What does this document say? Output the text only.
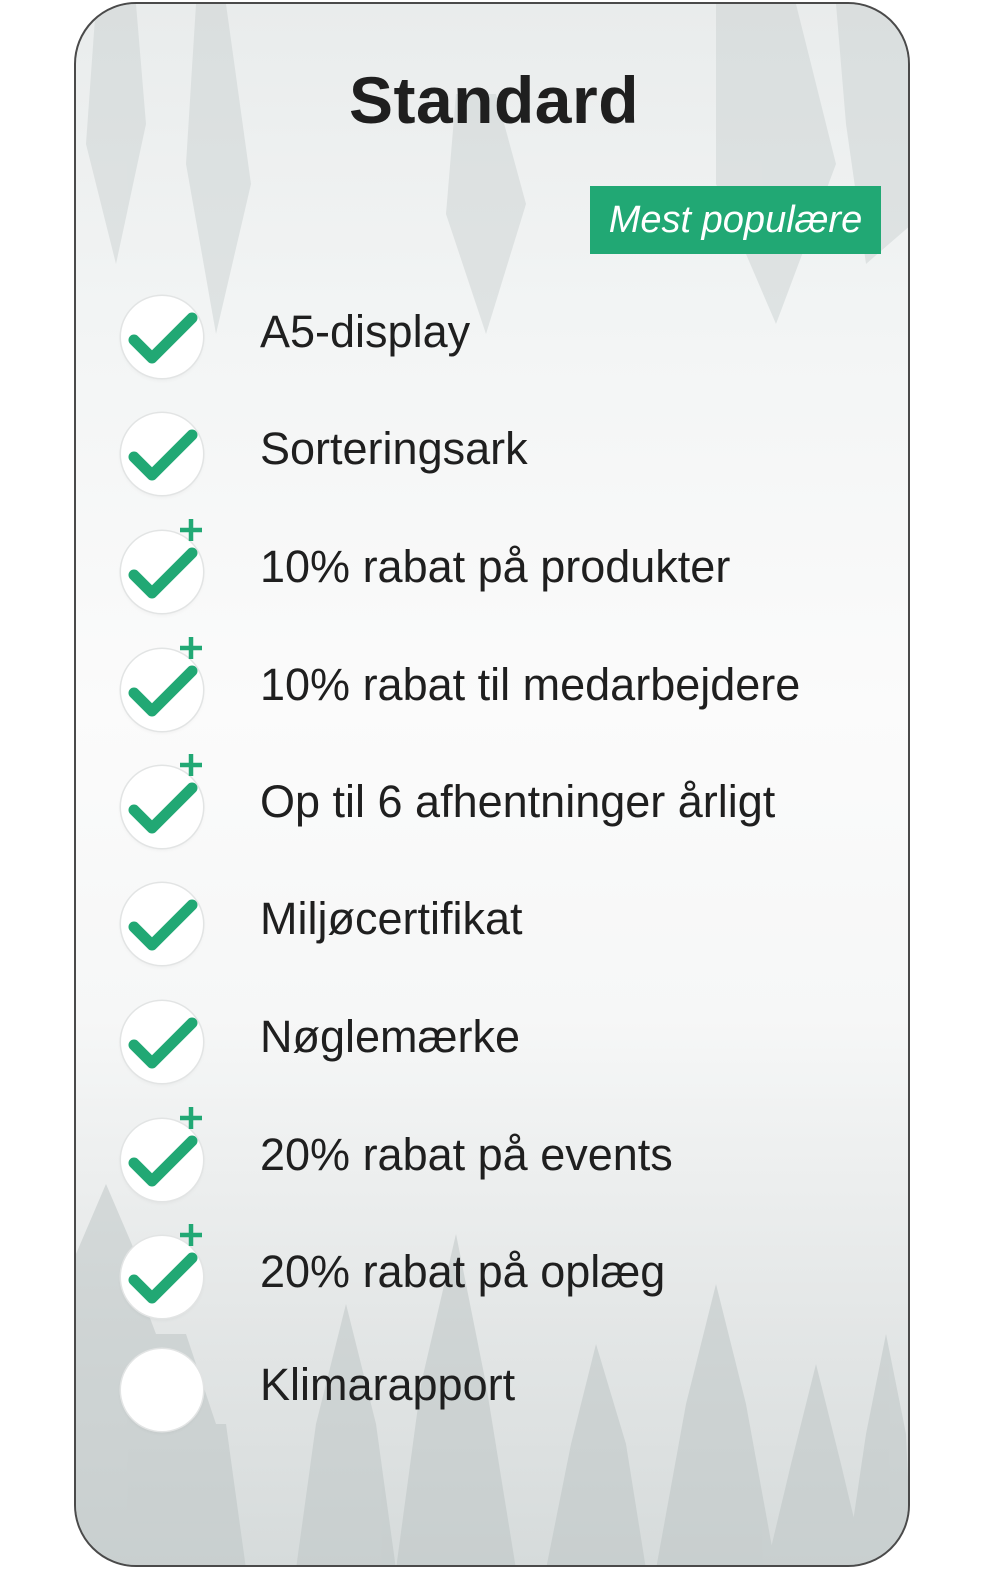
Standard
Mest populære
A5-display
Sorteringsark
10% rabat på produkter
10% rabat til medarbejdere
Op til 6 afhentninger årligt
Miljøcertifikat
Nøglemærke
20% rabat på events
20% rabat på oplæg
Klimarapport
